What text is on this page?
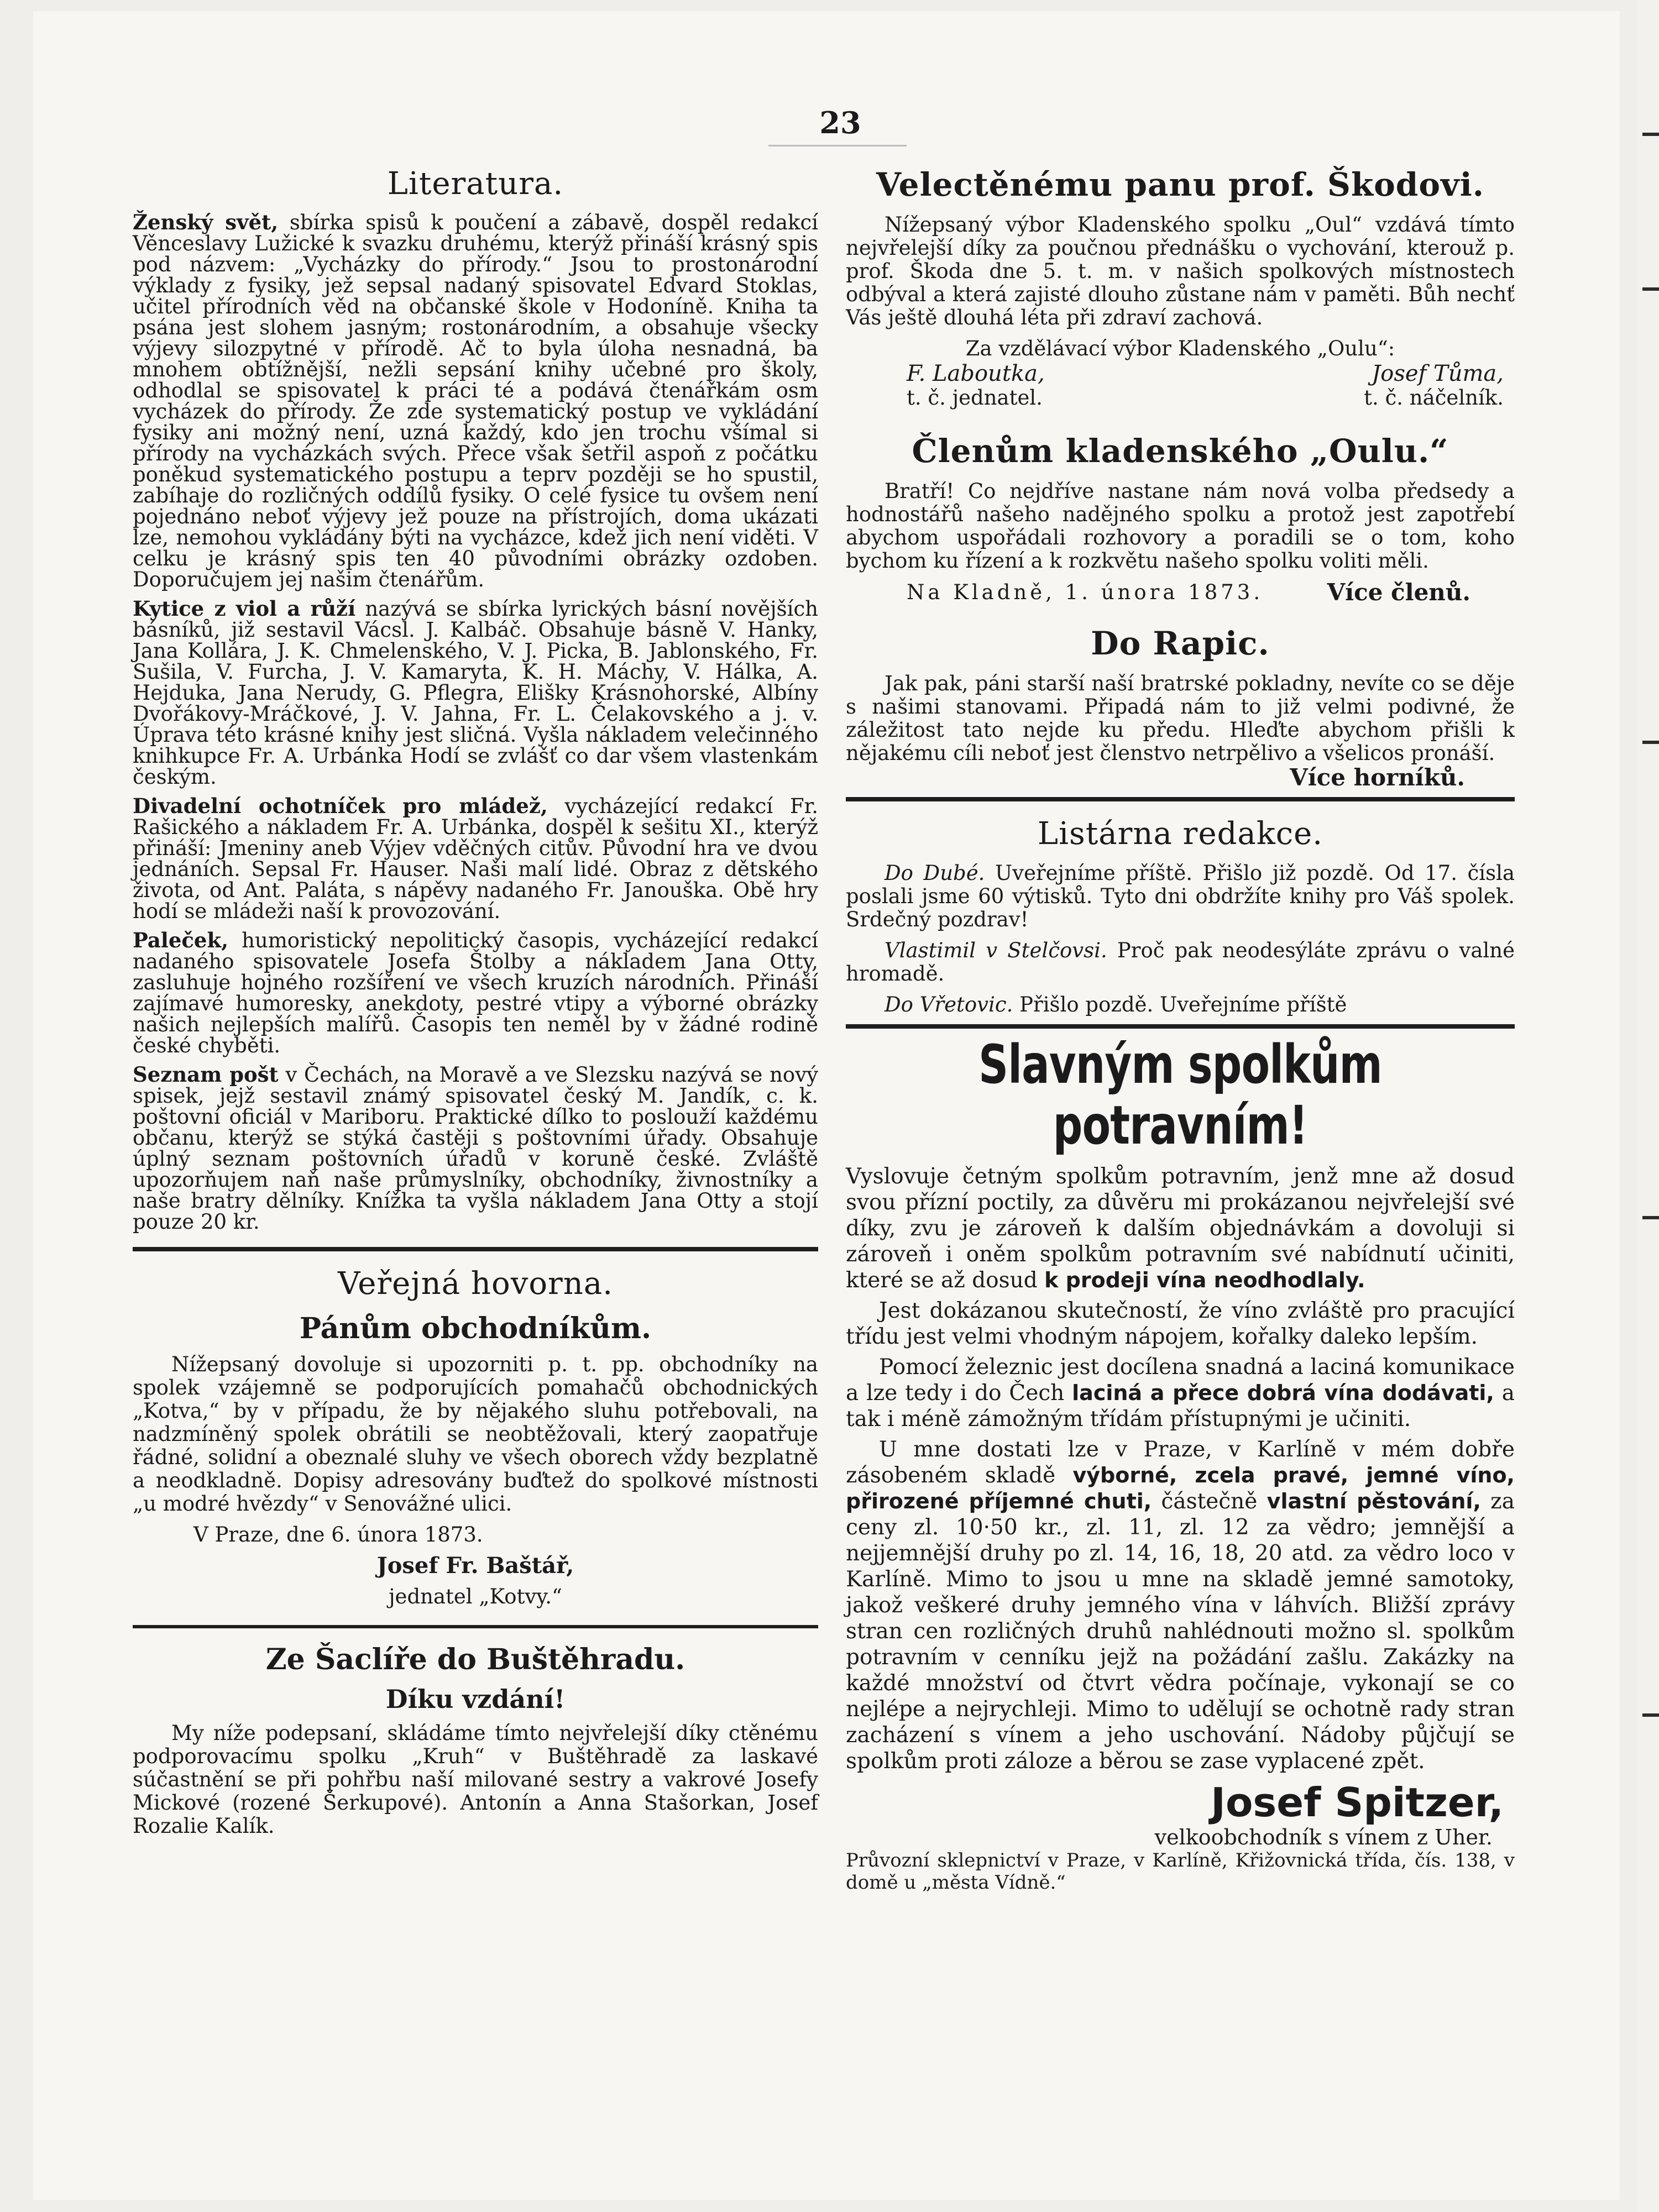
23
Literatura.
Ženský svět, sbírka spisů k poučení a zábavě, dospěl redakcí Věnceslavy Lužické k svazku druhému, kterýž přináší krásný spis pod názvem: „Vycházky do přírody.“ Jsou to prostonárodní výklady z fysiky, jež sepsal nadaný spisovatel Edvard Stoklas, učitel přírodních věd na občanské škole v Hodoníně. Kniha ta psána jest slohem jasným; rostonárodním, a obsahuje všecky výjevy silozpytné v přírodě. Ač to byla úloha nesnadná, ba mnohem obtížnější, nežli sepsání knihy učebné pro školy, odhodlal se spisovatel k práci té a podává čtenářkám osm vycházek do přírody. Že zde systematický postup ve vykládání fysiky ani možný není, uzná každý, kdo jen trochu všímal si přírody na vycházkách svých. Přece však šetřil aspoň z počátku poněkud systematického postupu a teprv později se ho spustil, zabíhaje do rozličných oddílů fysiky. O celé fysice tu ovšem není pojednáno neboť výjevy jež pouze na přístrojích, doma ukázati lze, nemohou vykládány býti na vycházce, kdež jich není viděti. V celku je krásný spis ten 40 původními obrázky ozdoben. Doporučujem jej našim čtenářům.
Kytice z viol a růží nazývá se sbírka lyrických básní novějších básníků, již sestavil Vácsl. J. Kalbáč. Obsahuje básně V. Hanky, Jana Kollára, J. K. Chmelenského, V. J. Picka, B. Jablonského, Fr. Sušila, V. Furcha, J. V. Kamaryta, K. H. Máchy, V. Hálka, A. Hejduka, Jana Nerudy, G. Pflegra, Elišky Krásnohorské, Albíny Dvořákovy-Mráčkové, J. V. Jahna, Fr. L. Čelakovského a j. v. Úprava této krásné knihy jest sličná. Vyšla nákladem velečinného knihkupce Fr. A. Urbánka Hodí se zvlášť co dar všem vlastenkám českým.
Divadelní ochotníček pro mládež, vycházející redakcí Fr. Rašického a nákladem Fr. A. Urbánka, dospěl k sešitu XI., kterýž přináší: Jmeniny aneb Výjev vděčných citův. Původní hra ve dvou jednáních. Sepsal Fr. Hauser. Naši malí lidé. Obraz z dětského života, od Ant. Paláta, s nápěvy nadaného Fr. Janouška. Obě hry hodí se mládeži naší k provozování.
Paleček, humoristický nepolitický časopis, vycházející redakcí nadaného spisovatele Josefa Štolby a nákladem Jana Otty, zasluhuje hojného rozšíření ve všech kruzích národních. Přináší zajímavé humoresky, anekdoty, pestré vtipy a výborné obrázky našich nejlepších malířů. Časopis ten neměl by v žádné rodině české chyběti.
Seznam pošt v Čechách, na Moravě a ve Slezsku nazývá se nový spisek, jejž sestavil známý spisovatel český M. Jandík, c. k. poštovní oficiál v Mariboru. Praktické dílko to poslouží každému občanu, kterýž se stýká častěji s poštovními úřady. Obsahuje úplný seznam poštovních úřadů v koruně české. Zvláště upozorňujem naň naše průmyslníky, obchodníky, živnostníky a naše bratry dělníky. Knížka ta vyšla nákladem Jana Otty a stojí pouze 20 kr.
Veřejná hovorna.
Pánům obchodníkům.
Nížepsaný dovoluje si upozorniti p. t. pp. obchodníky na spolek vzájemně se podporujících pomahačů obchodnických „Kotva,“ by v případu, že by nějakého sluhu potřebovali, na nadzmíněný spolek obrátili se neobtěžovali, který zaopatřuje řádné, solidní a obeznalé sluhy ve všech oborech vždy bezplatně a neodkladně. Dopisy adresovány buďtež do spolkové místnosti „u modré hvězdy“ v Senovážné ulici.
V Praze, dne 6. února 1873.
Josef Fr. Baštář,
jednatel „Kotvy.“
Ze Šaclíře do Buštěhradu.
Díku vzdání!
My níže podepsaní, skládáme tímto nejvřelejší díky ctěnému podporovacímu spolku „Kruh“ v Buštěhradě za laskavé súčastnění se při pohřbu naší milované sestry a vakrové Josefy Mickové (rozené Šerkupové). Antonín a Anna Stašorkan, Josef Rozalie Kalík.
Velectěnému panu prof. Škodovi.
Nížepsaný výbor Kladenského spolku „Oul“ vzdává tímto nejvřelejší díky za poučnou přednášku o vychování, kterouž p. prof. Škoda dne 5. t. m. v našich spolkových místnostech odbýval a která zajisté dlouho zůstane nám v paměti. Bůh nechť Vás ještě dlouhá léta při zdraví zachová.
Za vzdělávací výbor Kladenského „Oulu“:
F. Laboutka,	Josef Tůma,
t. č. jednatel.	t. č. náčelník.
Členům kladenského „Oulu.“
Bratří! Co nejdříve nastane nám nová volba předsedy a hodnostářů našeho nadějného spolku a protož jest zapotřebí abychom uspořádali rozhovory a poradili se o tom, koho bychom ku řízení a k rozkvětu našeho spolku voliti měli.
Na Kladně, 1. února 1873.	Více členů.
Do Rapic.
Jak pak, páni starší naší bratrské pokladny, nevíte co se děje s našimi stanovami. Připadá nám to již velmi podivné, že záležitost tato nejde ku předu. Hleďte abychom přišli k nějakému cíli neboť jest členstvo netrpělivo a všelicos pronáší.
Více horníků.
Listárna redakce.
Do Dubé. Uveřejníme příště. Přišlo již pozdě. Od 17. čísla poslali jsme 60 výtisků. Tyto dni obdržíte knihy pro Váš spolek. Srdečný pozdrav!
Vlastimil v Stelčovsi. Proč pak neodesýláte zprávu o valné hromadě.
Do Vřetovic. Přišlo pozdě. Uveřejníme příště
Slavným spolkům potravním!
Vyslovuje četným spolkům potravním, jenž mne až dosud svou přízní poctily, za důvěru mi prokázanou nejvřelejší své díky, zvu je zároveň k dalším objednávkám a dovoluji si zároveň i oněm spolkům potravním své nabídnutí učiniti, které se až dosud k prodeji vína neodhodlaly.
Jest dokázanou skutečností, že víno zvláště pro pracující třídu jest velmi vhodným nápojem, kořalky daleko lepším.
Pomocí železnic jest docílena snadná a laciná komunikace a lze tedy i do Čech laciná a přece dobrá vína dodávati, a tak i méně zámožným třídám přístupnými je učiniti.
U mne dostati lze v Praze, v Karlíně v mém dobře zásobeném skladě výborné, zcela pravé, jemné víno, přirozené příjemné chuti, částečně vlastní pěstování, za ceny zl. 10·50 kr., zl. 11, zl. 12 za vědro; jemnější a nejjemnější druhy po zl. 14, 16, 18, 20 atd. za vědro loco v Karlíně. Mimo to jsou u mne na skladě jemné samotoky, jakož veškeré druhy jemného vína v láhvích. Bližší zprávy stran cen rozličných druhů nahlédnouti možno sl. spolkům potravním v cenníku jejž na požádání zašlu. Zakázky na každé množství od čtvrt vědra počínaje, vykonají se co nejlépe a nejrychleji. Mimo to udělují se ochotně rady stran zacházení s vínem a jeho uschování. Nádoby půjčují se spolkům proti záloze a běrou se zase vyplacené zpět.
Josef Spitzer,
velkoobchodník s vínem z Uher.
Průvozní sklepnictví v Praze, v Karlíně, Křižovnická třída, čís. 138, v domě u „města Vídně.“
